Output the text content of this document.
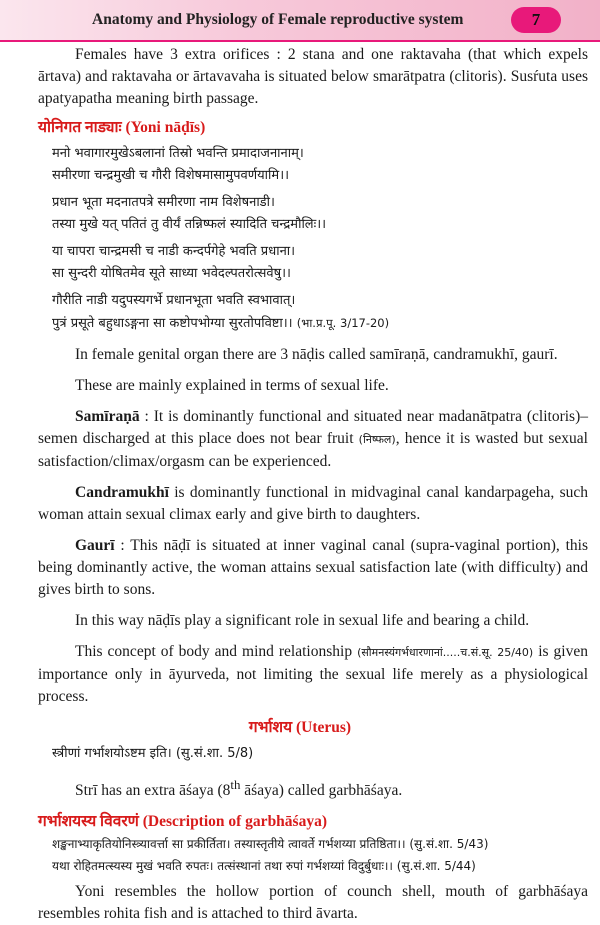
Anatomy and Physiology of Female reproductive system	7

Females have 3 extra orifices : 2 stana and one raktavaha (that which expels ārtava) and raktavaha or ārtavavaha is situated below smarātpatra (clitoris). Susŕuta uses apatyapatha meaning birth passage.

योनिगत नाड्याः (Yoni nāḍīs)

मनो भवागारमुखेऽबलानां तिस्रो भवन्ति प्रमादाजनानाम्।

समीरणा चन्द्रमुखी च गौरी विशेषमासामुपवर्णयामि।।

प्रधान भूता मदनातपत्रे समीरणा नाम विशेषनाडी।

तस्या मुखे यत् पतितं तु वीर्यं तन्निष्फलं स्यादिति चन्द्रमौलिः।।

या चापरा चान्द्रमसी च नाडी कन्दर्पगेहे भवति प्रधाना।

सा सुन्दरी योषितमेव सूते साध्या भवेदल्पतरोत्सवेषु।।

गौरीति नाडी यदुपस्यगर्भे प्रधानभूता भवति स्वभावात्।

पुत्रं प्रसूते बहुधाऽङ्गना सा कष्टोपभोग्या सुरतोपविष्टा।। (भा.प्र.पू. 3/17-20)

In female genital organ there are 3 nāḍis called samīraṇā, candramukhī, gaurī.

These are mainly explained in terms of sexual life.

Samīraṇā : It is dominantly functional and situated near madanātpatra (clitoris)–semen discharged at this place does not bear fruit (निष्फल), hence it is wasted but sexual satisfaction/climax/orgasm can be experienced.

Candramukhī is dominantly functional in midvaginal canal kandarpageha, such woman attain sexual climax early and give birth to daughters.

Gaurī : This nāḍī is situated at inner vaginal canal (supra-vaginal portion), this being dominantly active, the woman attains sexual satisfaction late (with difficulty) and gives birth to sons.

In this way nāḍīs play a significant role in sexual life and bearing a child.

This concept of body and mind relationship (सौमनस्यंगर्भधारणानां.....च.सं.सू. 25/40) is given importance only in āyurveda, not limiting the sexual life merely as a physiological process.

गर्भाशय (Uterus)

स्त्रीणां गर्भाशयोऽष्टम इति। (सु.सं.शा. 5/8)

Strī has an extra āśaya (8th āśaya) called garbhāśaya.

गर्भाशयस्य विवरणं (Description of garbhāśaya)

शङ्खनाभ्याकृतियोनिस्त्र्यावर्त्ता सा प्रकीर्तिता। तस्यास्तृतीये त्वावर्ते गर्भशय्या प्रतिष्ठिता।। (सु.सं.शा. 5/43)

यथा रोहितमत्स्यस्य मुखं भवति रुपतः। तत्संस्थानां तथा रुपां गर्भशय्यां विदुर्बुधाः।। (सु.सं.शा. 5/44)

Yoni resembles the hollow portion of counch shell, mouth of garbhāśaya resembles rohita fish and is attached to third āvarta.
